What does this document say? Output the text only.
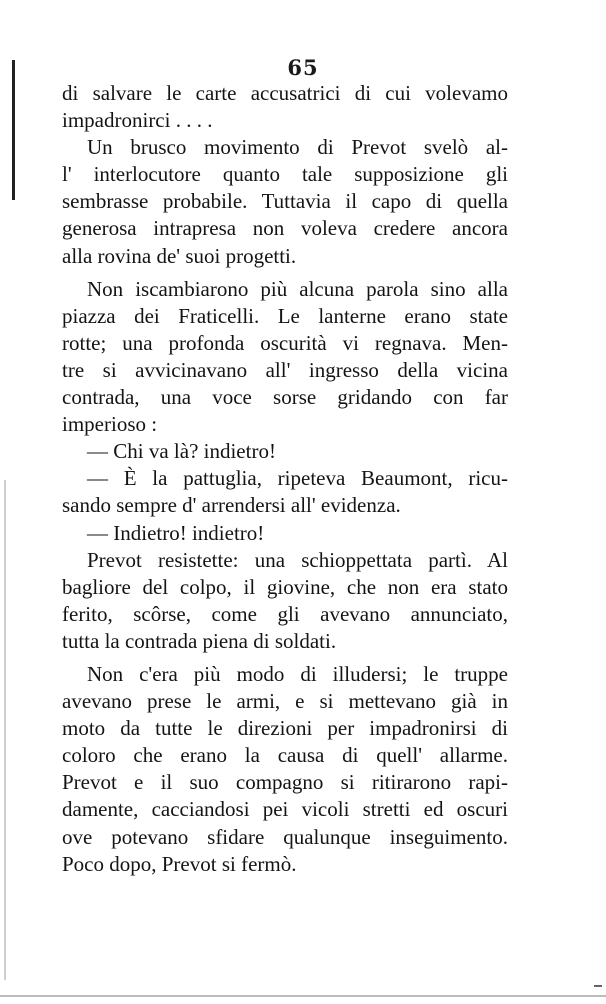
65
di salvare le carte accusatrici di cui volevamo
impadronirci . . . .
Un brusco movimento di Prevot svelò al-
l' interlocutore quanto tale supposizione gli
sembrasse probabile. Tuttavia il capo di quella
generosa intrapresa non voleva credere ancora
alla rovina de' suoi progetti.
Non iscambiarono più alcuna parola sino alla
piazza dei Fraticelli. Le lanterne erano state
rotte; una profonda oscurità vi regnava. Men-
tre si avvicinavano all' ingresso della vicina
contrada, una voce sorse gridando con far
imperioso :
— Chi va là? indietro!
— È la pattuglia, ripeteva Beaumont, ricu-
sando sempre d' arrendersi all' evidenza.
— Indietro! indietro!
Prevot resistette: una schioppettata partì. Al
bagliore del colpo, il giovine, che non era stato
ferito, scôrse, come gli avevano annunciato,
tutta la contrada piena di soldati.
Non c'era più modo di illudersi; le truppe
avevano prese le armi, e si mettevano già in
moto da tutte le direzioni per impadronirsi di
coloro che erano la causa di quell' allarme.
Prevot e il suo compagno si ritirarono rapi-
damente, cacciandosi pei vicoli stretti ed oscuri
ove potevano sfidare qualunque inseguimento.
Poco dopo, Prevot si fermò.
